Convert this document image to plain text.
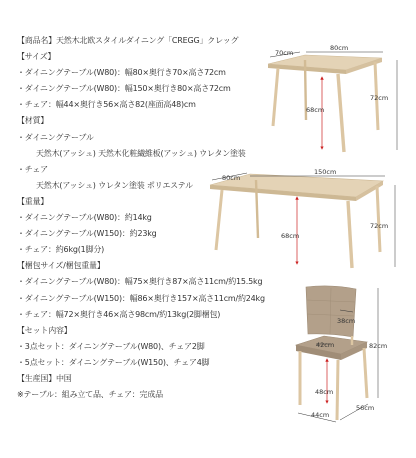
【商品名】天然木北欧スタイルダイニング「CREGG」クレッグ
【サイズ】
・ダイニングテーブル(W80)：幅80×奥行き70×高さ72cm
・ダイニングテーブル(W80)：幅150×奥行き80×高さ72cm
・チェア：幅44×奥行き56×高さ82(座面高48)cm
【材質】
・ダイニングテーブル
天然木(アッシュ) 天然木化粧繊維板(アッシュ) ウレタン塗装
・チェア
天然木(アッシュ) ウレタン塗装 ポリエステル
【重量】
・ダイニングテーブル(W80)：約14kg
・ダイニングテーブル(W150)：約23kg
・チェア：約6kg(1脚分)
【梱包サイズ/梱包重量】
・ダイニングテーブル(W80)：幅75×奥行き87×高さ11cm/約15.5kg
・ダイニングテーブル(W150)：幅86×奥行き157×高さ11cm/約24kg
・チェア：幅72×奥行き46×高さ98cm/約13kg(2脚梱包)
【セット内容】
・3点セット：ダイニングテーブル(W80)、チェア2脚
・5点セット：ダイニングテーブル(W150)、チェア4脚
【生産国】中国
※テーブル：組み立て品、チェア：完成品
70cm
80cm
72cm
68cm
80cm
150cm
72cm
68cm
38cm
42cm	82cm
48cm
56cm
44cm
